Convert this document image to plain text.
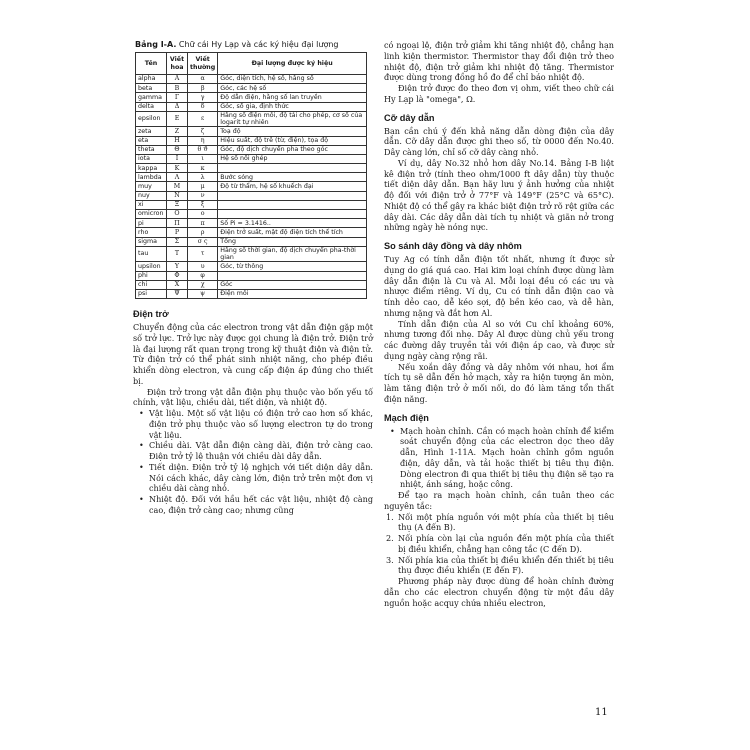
Bảng I-A. Chữ cái Hy Lạp và các ký hiệu đại lượng
Tên	Viết hoa	Viết thường	Đại lượng được ký hiệu
alpha	Α	α	Góc, diện tích, hệ số, hằng số
beta	Β	β	Góc, các hệ số
gamma	Γ	γ	Độ dẫn điện, hằng số lan truyền
delta	Δ	δ	Góc, số gia, định thức
epsilon	Ε	ε	Hằng số điện môi, độ tải cho phép, cơ số của logarit tự nhiên
zeta	Ζ	ζ	Toạ độ
eta	Η	η	Hiệu suất, độ trễ (từ, điện), tọa độ
theta	Θ	θ ϑ	Góc, độ dịch chuyển pha theo góc
iota	Ι	ι	Hệ số nối ghép
kappa	Κ	κ	
lambda	Λ	λ	Bước sóng
muy	Μ	μ	Độ từ thẩm, hệ số khuếch đại
nuy	Ν	ν	
xi	Ξ	ξ	
omicron	Ο	ο	
pi	Π	π	Số Pi = 3.1416..
rho	Ρ	ρ	Điện trở suất, mật độ điện tích thể tích
sigma	Σ	σ ς	Tổng
tau	Τ	τ	Hằng số thời gian, độ dịch chuyển pha-thời gian
upsilon	Υ	υ	Góc, từ thông
phi	Φ	φ	
chi	Χ	χ	Góc
psi	Ψ	ψ	Điện môi
Điện trở

Chuyển động của các electron trong vật dẫn điện gặp một số trở lực. Trở lực này được gọi chung là điện trở. Điện trở là đại lượng rất quan trọng trong kỹ thuật điện và điện tử. Từ điện trở có thể phát sinh nhiệt năng, cho phép điều khiển dòng electron, và cung cấp điện áp đúng cho thiết bị.

Điện trở trong vật dẫn điện phụ thuộc vào bốn yếu tố chính, vật liệu, chiều dài, tiết diện, và nhiệt độ.

• Vật liệu. Một số vật liệu có điện trở cao hơn số khác, điện trở phụ thuộc vào số lượng electron tự do trong vật liệu.
• Chiều dài. Vật dẫn điện càng dài, điện trở càng cao. Điện trở tỷ lệ thuận với chiều dài dây dẫn.
• Tiết diện. Điện trở tỷ lệ nghịch với tiết diện dây dẫn. Nói cách khác, dây càng lớn, điện trở trên một đơn vị chiều dài càng nhỏ.
• Nhiệt độ. Đối với hầu hết các vật liệu, nhiệt độ càng cao, điện trở càng cao; nhưng cũng

có ngoại lệ, điện trở giảm khi tăng nhiệt độ, chẳng hạn linh kiện thermistor. Thermistor thay đổi điện trở theo nhiệt độ, điện trở giảm khi nhiệt độ tăng. Thermistor được dùng trong đồng hồ đo để chỉ báo nhiệt độ.

Điện trở được đo theo đơn vị ohm, viết theo chữ cái Hy Lạp là "omega", Ω.

Cỡ dây dẫn

Bạn cần chú ý đến khả năng dẫn dòng điện của dây dẫn. Cỡ dây dẫn được ghi theo số, từ 0000 đến No.40. Dây càng lớn, chỉ số cỡ dây càng nhỏ.

Ví dụ, dây No.32 nhỏ hơn dây No.14. Bảng I-B liệt kê điện trở (tính theo ohm/1000 ft dây dẫn) tùy thuộc tiết diện dây dẫn. Bạn hãy lưu ý ảnh hưởng của nhiệt độ đối với điện trở ở 77°F và 149°F (25°C và 65°C). Nhiệt độ có thể gây ra khác biệt điện trở rõ rệt giữa các dây dài. Các dây dẫn dài tích tụ nhiệt và giãn nở trong những ngày hè nóng nực.

So sánh dây đồng và dây nhôm

Tuy Ag có tính dẫn điện tốt nhất, nhưng ít được sử dụng do giá quá cao. Hai kim loại chính được dùng làm dây dẫn điện là Cu và Al. Mỗi loại đều có các ưu và nhược điểm riêng. Ví dụ, Cu có tính dẫn điện cao và tính dẻo cao, dễ kéo sợi, độ bền kéo cao, và dễ hàn, nhưng nặng và đắt hơn Al.

Tính dẫn điện của Al so với Cu chỉ khoảng 60%, nhưng tương đối nhẹ. Dây Al được dùng chủ yếu trong các đường dây truyền tải với điện áp cao, và được sử dụng ngày càng rộng rãi.

Nếu xoắn dây đồng và dây nhôm với nhau, hơi ẩm tích tụ sẽ dẫn đến hở mạch, xảy ra hiện tượng ăn mòn, làm tăng điện trở ở mối nối, do đó làm tăng tổn thất điện năng.

Mạch điện
• Mạch hoàn chỉnh. Cần có mạch hoàn chỉnh để kiểm soát chuyển động của các electron dọc theo dây dẫn, Hình 1-11A. Mạch hoàn chỉnh gồm nguồn điện, dây dẫn, và tải hoặc thiết bị tiêu thụ điện. Dòng electron đi qua thiết bị tiêu thụ điện sẽ tạo ra nhiệt, ánh sáng, hoặc công.

Để tạo ra mạch hoàn chỉnh, cần tuân theo các nguyên tắc:

1. Nối một phía nguồn với một phía của thiết bị tiêu thụ (A đến B).
2. Nối phía còn lại của nguồn đến một phía của thiết bị điều khiển, chẳng hạn công tắc (C đến D).
3. Nối phía kia của thiết bị điều khiển đến thiết bị tiêu thụ được điều khiển (E đến F).

Phương pháp này được dùng để hoàn chỉnh đường dẫn cho các electron chuyển động từ một đầu dây nguồn hoặc acquy chứa nhiều electron,

11
